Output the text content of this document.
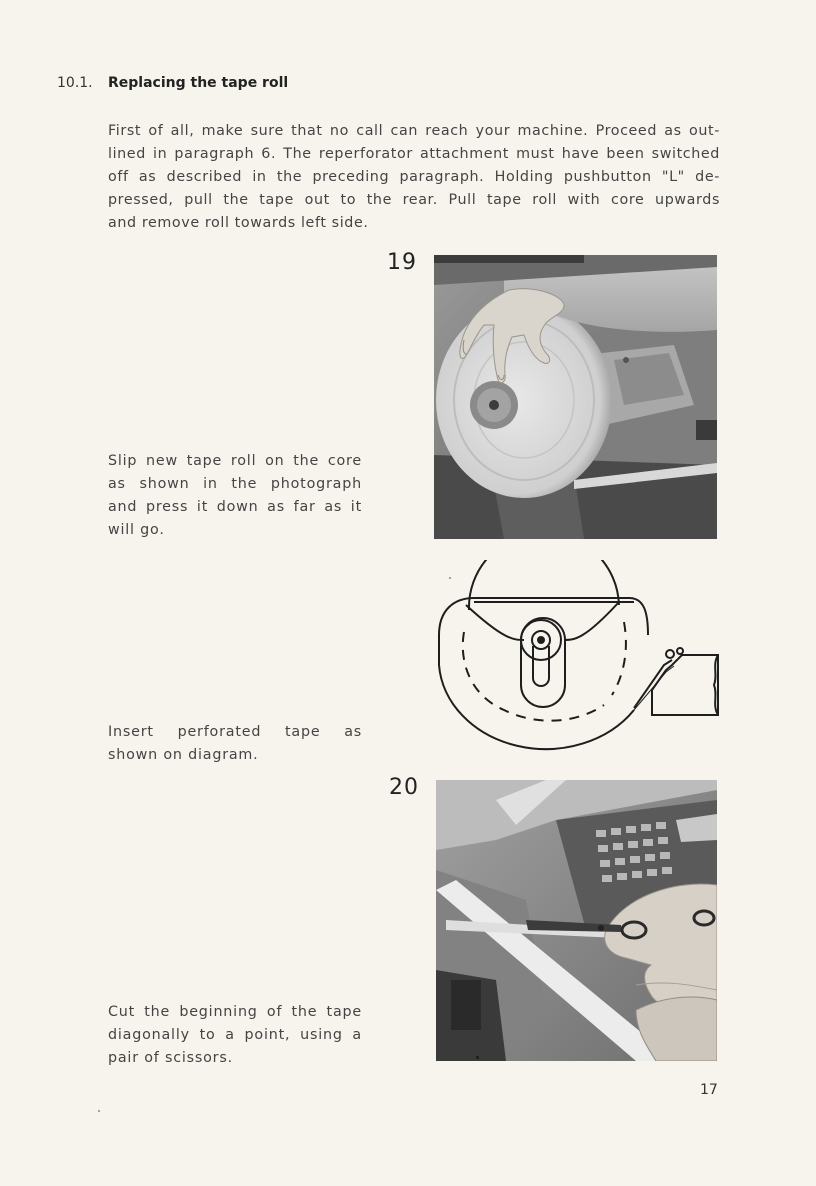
10.1. Replacing the tape roll
First of all, make sure that no call can reach your machine. Proceed as out-
lined in paragraph 6. The reperforator attachment must have been switched
off as described in the preceding paragraph. Holding pushbutton "L" de-
pressed, pull the tape out to the rear. Pull tape roll with core upwards
and remove roll towards left side.
19

Slip new tape roll on the core as shown in the photograph and press it down as far as it will go.

Insert perforated tape as shown on diagram.

20

Cut the beginning of the tape diagonally to a point, using a pair of scissors.

17
